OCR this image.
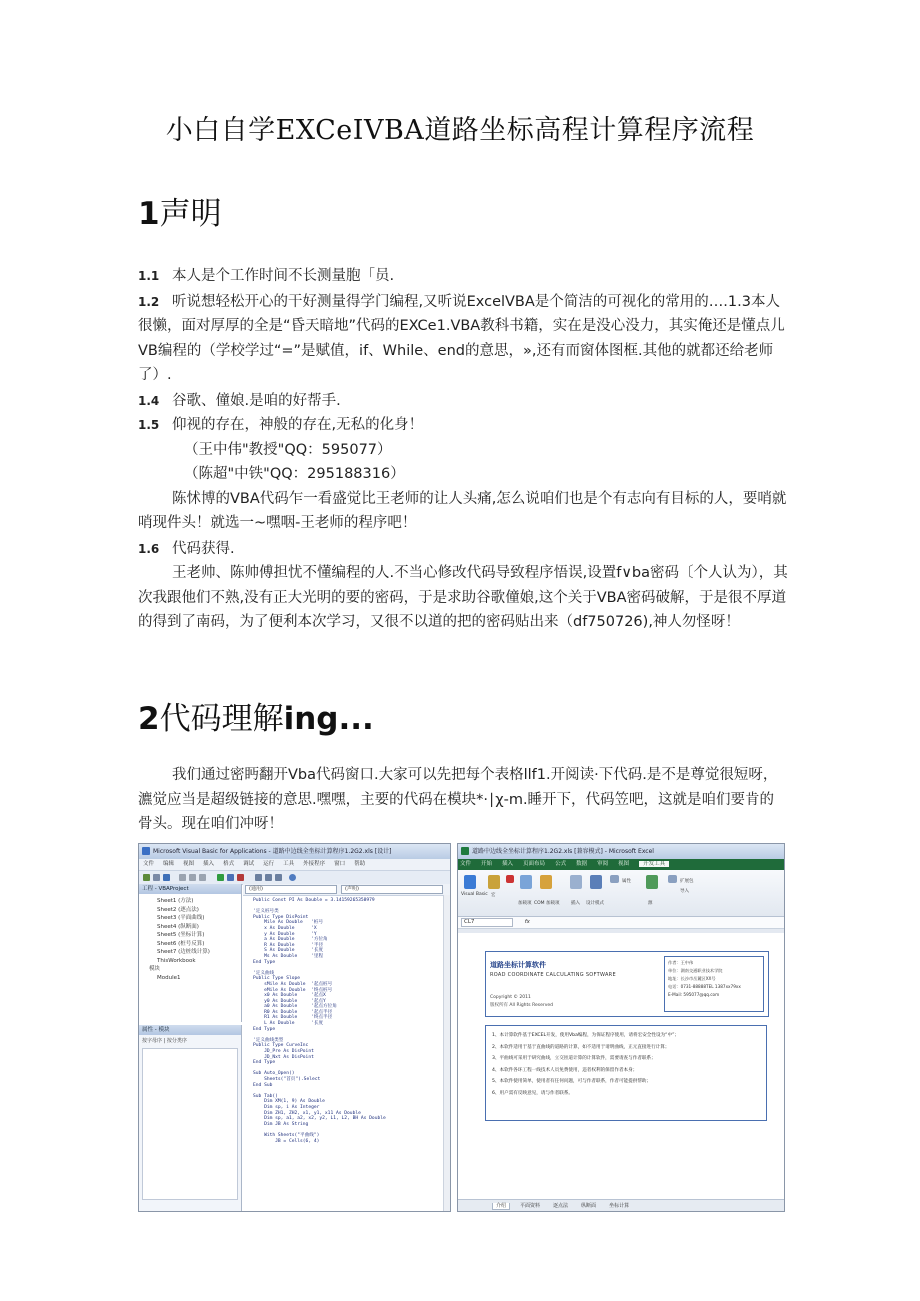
小白自学EXCeIVBA道路坐标高程计算程序流程
1声明
1.1 本人是个工作时间不长测量胞「员.
1.2 听说想轻松开心的干好测量得学门编程,又听说ExcelVBA是个简洁的可视化的常用的….1.3本人很懒，面对厚厚的全是“昏天暗地”代码的EXCe1.VBA教科书籍，实在是没心没力，其实俺还是懂点儿VB编程的（学校学过“=”是赋值，if、While、end的意思，»,还有而窗体图框.其他的就都还给老师了）.
1.4 谷歌、僮娘.是咱的好帮手.
1.5 仰视的存在，神般的存在,无私的化身！
（王中伟"教授"QQ：595077）
（陈超"中铁"QQ：295188316）
陈怵博的VBA代码乍一看盛觉比王老师的让人头痛,怎么说咱们也是个有志向有目标的人，要哨就哨现件头！就选一~嘿咽-王老师的程序吧！
1.6 代码获得.
王老帅、陈帅傅担忧不懂编程的人.不当心修改代码导致程序悟误,设置f∨ba密码〔个人认为），其次我跟他们不熟,没有正大光明的要的密码，于是求助谷歌僮娘,这个关于VBA密码破解，于是很不厚道的得到了南码，为了便利本次学习，又很不以道的把的密码贴出来（df750726),神人勿怪呀！
2代码理解ing...
我们通过密眄翻开Vba代码窗口.大家可以先把每个表格llf1.开阅读·下代码.是不是尊觉很短呀，瀌觉应当是超级链接的意思.嘿嘿，主要的代码在模块*·∣χ-m.睡开下，代码笠吧，这就是咱们要肯的骨头。现在咱们冲呀！
Microsoft Visual Basic for Applications - 道路中边线全坐标计算程序1.2G2.xls [设计]
文件 编辑 视图 插入 格式 调试 运行 工具 外接程序 窗口 帮助
工程 - VBAProject
Sheet1 (方法)
Sheet2 (逐点法)
Sheet3 (平面曲线)
Sheet4 (纵断面)
Sheet5 (坐标计算)
Sheet6 (桩号反算)
Sheet7 (边桩线计算)
ThisWorkbook
模块
Module1
属性 - 模块
按字母序 | 按分类序
(通用)	(声明)
Public Const PI As Double = 3.14159265358979

'定义桩号类
Public Type DisPoint
Mile As Double   '桩号
x As Double      'X
y As Double      'Y
a As Double      '方位角
R As Double      '半径
S As Double      '长度
Ms As Double     '里程
End Type

'定义曲线
Public Type Slope
sMile As Double  '起点桩号
eMile As Double  '终点桩号
x0 As Double     '起点X
y0 As Double     '起点Y
a0 As Double     '起点方位角
R0 As Double     '起点半径
R1 As Double     '终点半径
L As Double      '长度
End Type

'定义曲线类型
Public Type CurveInc
JD_Pre As DisPoint
JD_Nxt As DisPoint
End Type

Sub Auto_Open()
Sheets("首页").Select
End Sub

Sub Tab()
Dim XM(1, 9) As Double
Dim sp, i As Integer
Dim ZH1, ZH2, x1, y1, x11 As Double
Dim sp, a1, a2, x2, y2, L1, L2, BH As Double
Dim JB As String

With Sheets("平曲线")
JB = Cells(6, 4)
道路中边线全坐标计算程序1.2G2.xls [兼容模式] - Microsoft Excel
文件 开始 插入 页面布局 公式 数据 审阅 视图	开发工具
Visual Basic 宏
加载项 COM 加载项	插入 设计模式
属性
源
扩展包
导入
CL7	fx
道路坐标计算软件
ROAD COORDINATE CALCULATING SOFTWARE
Copyright © 2011
版权所有 All Rights Reserved
作者：王中伟
单位：湖南交通职业技术学院
地址：长沙市岳麓区XX号
电话：0731-88888TEL 1387xx79xx
E-Mail: 595077@qq.com
1、本计算软件基于EXCEL开发，使用Vba编程，为保证程序使用，请将宏安全性设为“中”；
2、本软件适用于基于直曲线的道路的计算，如不适用于请明曲线，正元直接进行计算；
3、平曲线可采用于研究曲线，立交匝道计算的计算软件，需要请查与作者联系；
4、本软件各环工程一线技术人员免费使用，违者权利的保留作者本身；
5、本软件使用简单，使用者有任何问题，可与作者联系，作者可能提供帮助；
6、用户需有反映意见，请与作者联系。
介绍	平面资料	逐点法	纵断面	坐标计算
